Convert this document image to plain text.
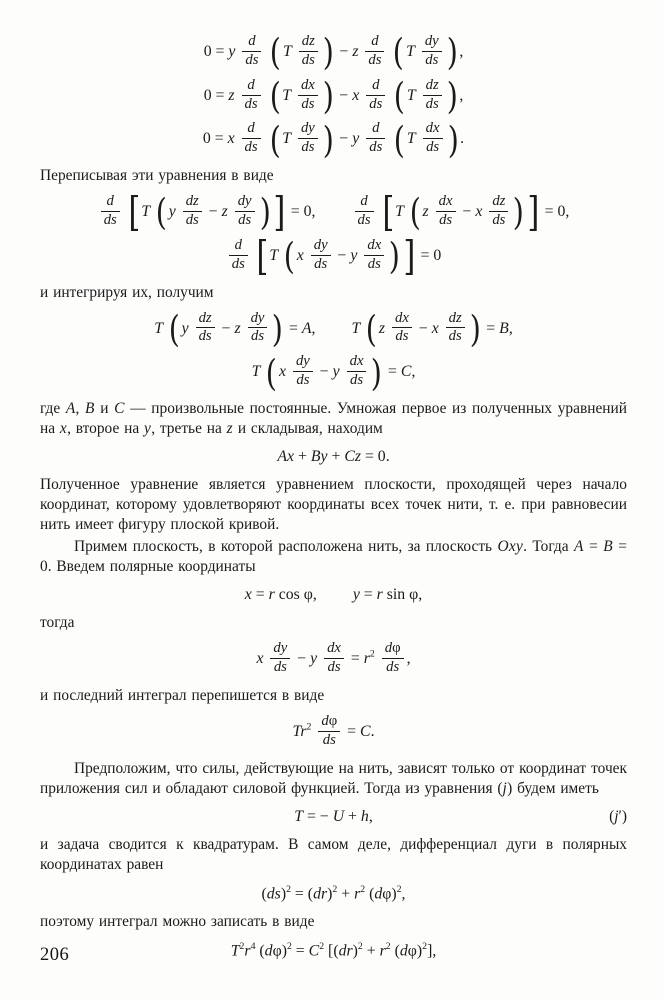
0 = y $\frac{d}{ds}$ ( T $\frac{dz}{ds}$ ) − z $\frac{d}{ds}$ ( T $\frac{dy}{ds}$ ) ,
0 = z $\frac{d}{ds}$ ( T $\frac{dx}{ds}$ ) − x $\frac{d}{ds}$ ( T $\frac{dz}{ds}$ ) ,
0 = x $\frac{d}{ds}$ ( T $\frac{dy}{ds}$ ) − y $\frac{d}{ds}$ ( T $\frac{dx}{ds}$ ) .

Переписывая эти уравнения в виде

$\frac{d}{ds} [T$ ( y $\frac{dz}{ds} - z \frac{dy}{ds}$ )] = 0,	$\frac{d}{ds} [T$ ( z $\frac{dx}{ds} - x \frac{dz}{ds}$ )] = 0,
$\frac{d}{ds} [T$ ( x $\frac{dy}{ds} - y \frac{dx}{ds}$ )] = 0

и интегрируя их, получим

T ( y $\frac{dz}{ds} - z \frac{dy}{ds}$ ) = A, T ( z $\frac{dx}{ds} - x \frac{dz}{ds}$ ) = B,
T ( x $\frac{dy}{ds} - y \frac{dx}{ds}$ ) = C,

где A, B и C — произвольные постоянные. Умножая первое из полученных уравнений на x, второе на y, третье на z и складывая, находим

Ax + By + Cz = 0.

Полученное уравнение является уравнением плоскости, проходящей через начало координат, которому удовлетворяют координаты всех точек нити, т. е. при равновесии нить имеет фигуру плоской кривой.

Примем плоскость, в которой расположена нить, за плоскость Oxy. Тогда A = B = 0. Введем полярные координаты

x = r cos φ, y = r sin φ,

тогда

x $\frac{dy}{ds} - y \frac{dx}{ds} = r^2 \frac{d\varphi}{ds}$ ,

и последний интеграл перепишется в виде

$Tr^2 \frac{d\varphi}{ds} = C$.

Предположим, что силы, действующие на нить, зависят только от координат точек приложения сил и обладают силовой функцией. Тогда из уравнения (j) будем иметь

T = − U + h,	(j′)

и задача сводится к квадратурам. В самом деле, дифференциал дуги в полярных координатах равен

$(ds)^2 = (dr)^2 + r^2$ $(d\varphi)^2$,

поэтому интеграл можно записать в виде

$T^2r^4$ $(d\varphi)^2 = C^2$ [$(dr)^2 + r^2$ $(d\varphi)^2$],
206
